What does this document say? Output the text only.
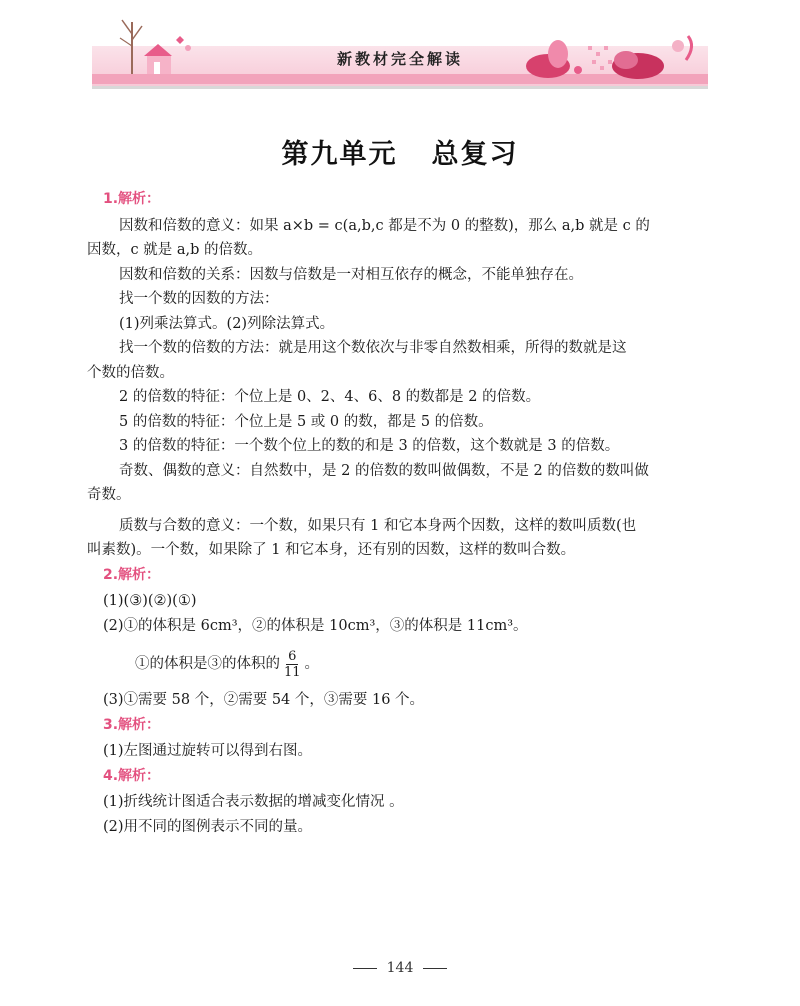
新教材完全解读
第九单元 总复习
1.解析：

因数和倍数的意义：如果 a×b = c(a,b,c 都是不为 0 的整数)，那么 a,b 就是 c 的
因数，c 就是 a,b 的倍数。

因数和倍数的关系：因数与倍数是一对相互依存的概念，不能单独存在。

找一个数的因数的方法：

(1)列乘法算式。(2)列除法算式。

找一个数的倍数的方法：就是用这个数依次与非零自然数相乘，所得的数就是这
个数的倍数。

2 的倍数的特征：个位上是 0、2、4、6、8 的数都是 2 的倍数。

5 的倍数的特征：个位上是 5 或 0 的数，都是 5 的倍数。

3 的倍数的特征：一个数个位上的数的和是 3 的倍数，这个数就是 3 的倍数。

奇数、偶数的意义：自然数中，是 2 的倍数的数叫做偶数，不是 2 的倍数的数叫做
奇数。

质数与合数的意义：一个数，如果只有 1 和它本身两个因数，这样的数叫质数(也
叫素数)。一个数，如果除了 1 和它本身，还有别的因数，这样的数叫合数。

2.解析：

(1)(③)(②)(①)

(2)①的体积是 6cm³，②的体积是 10cm³，③的体积是 11cm³。

①的体积是③的体积的 $\frac{6}{11}$ 。

(3)①需要 58 个，②需要 54 个，③需要 16 个。

3.解析：

(1)左图通过旋转可以得到右图。

4.解析：

(1)折线统计图适合表示数据的增减变化情况 。

(2)用不同的图例表示不同的量。

144
